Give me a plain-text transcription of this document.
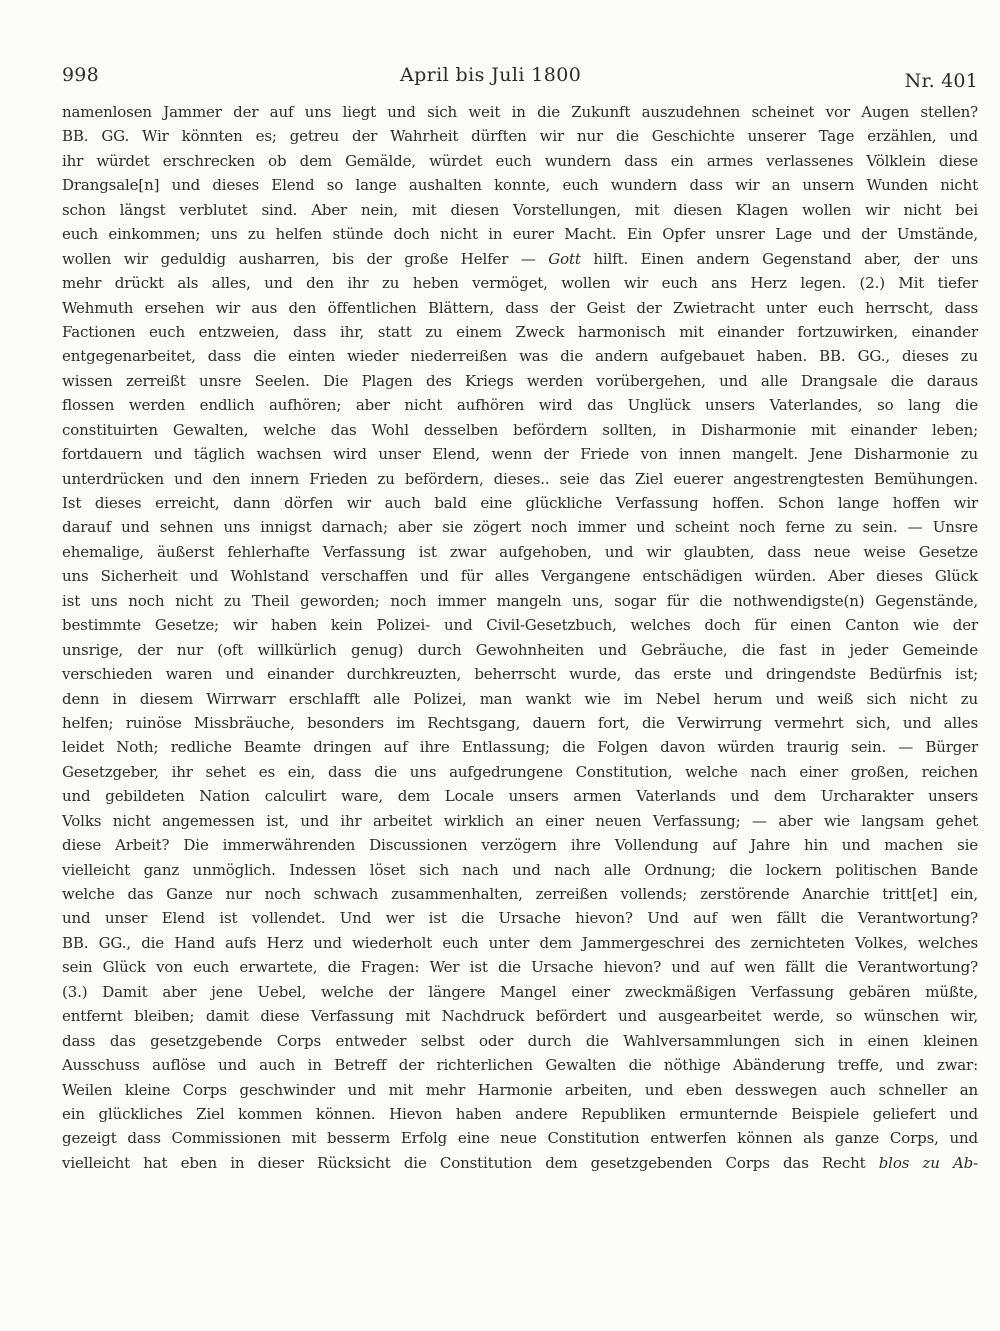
998	April bis Juli 1800	Nr. 401
namenlosen Jammer der auf uns liegt und sich weit in die Zukunft auszudehnen scheinet vor Augen stellen?
BB. GG. Wir könnten es; getreu der Wahrheit dürften wir nur die Geschichte unserer Tage erzählen, und
ihr würdet erschrecken ob dem Gemälde, würdet euch wundern dass ein armes verlassenes Völklein diese
Drangsale[n] und dieses Elend so lange aushalten konnte, euch wundern dass wir an unsern Wunden nicht
schon längst verblutet sind. Aber nein, mit diesen Vorstellungen, mit diesen Klagen wollen wir nicht bei
euch einkommen; uns zu helfen stünde doch nicht in eurer Macht. Ein Opfer unsrer Lage und der Umstände,
wollen wir geduldig ausharren, bis der große Helfer — Gott hilft. Einen andern Gegenstand aber, der uns
mehr drückt als alles, und den ihr zu heben vermöget, wollen wir euch ans Herz legen. (2.) Mit tiefer
Wehmuth ersehen wir aus den öffentlichen Blättern, dass der Geist der Zwietracht unter euch herrscht, dass
Factionen euch entzweien, dass ihr, statt zu einem Zweck harmonisch mit einander fortzuwirken, einander
entgegenarbeitet, dass die einten wieder niederreißen was die andern aufgebauet haben. BB. GG., dieses zu
wissen zerreißt unsre Seelen. Die Plagen des Kriegs werden vorübergehen, und alle Drangsale die daraus
flossen werden endlich aufhören; aber nicht aufhören wird das Unglück unsers Vaterlandes, so lang die
constituirten Gewalten, welche das Wohl desselben befördern sollten, in Disharmonie mit einander leben;
fortdauern und täglich wachsen wird unser Elend, wenn der Friede von innen mangelt. Jene Disharmonie zu
unterdrücken und den innern Frieden zu befördern, dieses.. seie das Ziel euerer angestrengtesten Bemühungen.
Ist dieses erreicht, dann dörfen wir auch bald eine glückliche Verfassung hoffen. Schon lange hoffen wir
darauf und sehnen uns innigst darnach; aber sie zögert noch immer und scheint noch ferne zu sein. — Unsre
ehemalige, äußerst fehlerhafte Verfassung ist zwar aufgehoben, und wir glaubten, dass neue weise Gesetze
uns Sicherheit und Wohlstand verschaffen und für alles Vergangene entschädigen würden. Aber dieses Glück
ist uns noch nicht zu Theil geworden; noch immer mangeln uns, sogar für die nothwendigste(n) Gegenstände,
bestimmte Gesetze; wir haben kein Polizei- und Civil-Gesetzbuch, welches doch für einen Canton wie der
unsrige, der nur (oft willkürlich genug) durch Gewohnheiten und Gebräuche, die fast in jeder Gemeinde
verschieden waren und einander durchkreuzten, beherrscht wurde, das erste und dringendste Bedürfnis ist;
denn in diesem Wirrwarr erschlafft alle Polizei, man wankt wie im Nebel herum und weiß sich nicht zu
helfen; ruinöse Missbräuche, besonders im Rechtsgang, dauern fort, die Verwirrung vermehrt sich, und alles
leidet Noth; redliche Beamte dringen auf ihre Entlassung; die Folgen davon würden traurig sein. — Bürger
Gesetzgeber, ihr sehet es ein, dass die uns aufgedrungene Constitution, welche nach einer großen, reichen
und gebildeten Nation calculirt ware, dem Locale unsers armen Vaterlands und dem Urcharakter unsers
Volks nicht angemessen ist, und ihr arbeitet wirklich an einer neuen Verfassung; — aber wie langsam gehet
diese Arbeit? Die immerwährenden Discussionen verzögern ihre Vollendung auf Jahre hin und machen sie
vielleicht ganz unmöglich. Indessen löset sich nach und nach alle Ordnung; die lockern politischen Bande
welche das Ganze nur noch schwach zusammenhalten, zerreißen vollends; zerstörende Anarchie tritt[et] ein,
und unser Elend ist vollendet. Und wer ist die Ursache hievon? Und auf wen fällt die Verantwortung?
BB. GG., die Hand aufs Herz und wiederholt euch unter dem Jammergeschrei des zernichteten Volkes, welches
sein Glück von euch erwartete, die Fragen: Wer ist die Ursache hievon? und auf wen fällt die Verantwortung?
(3.) Damit aber jene Uebel, welche der längere Mangel einer zweckmäßigen Verfassung gebären müßte,
entfernt bleiben; damit diese Verfassung mit Nachdruck befördert und ausgearbeitet werde, so wünschen wir,
dass das gesetzgebende Corps entweder selbst oder durch die Wahlversammlungen sich in einen kleinen
Ausschuss auflöse und auch in Betreff der richterlichen Gewalten die nöthige Abänderung treffe, und zwar:
Weilen kleine Corps geschwinder und mit mehr Harmonie arbeiten, und eben desswegen auch schneller an
ein glückliches Ziel kommen können. Hievon haben andere Republiken ermunternde Beispiele geliefert und
gezeigt dass Commissionen mit besserm Erfolg eine neue Constitution entwerfen können als ganze Corps, und
vielleicht hat eben in dieser Rücksicht die Constitution dem gesetzgebenden Corps das Recht blos zu Ab-
